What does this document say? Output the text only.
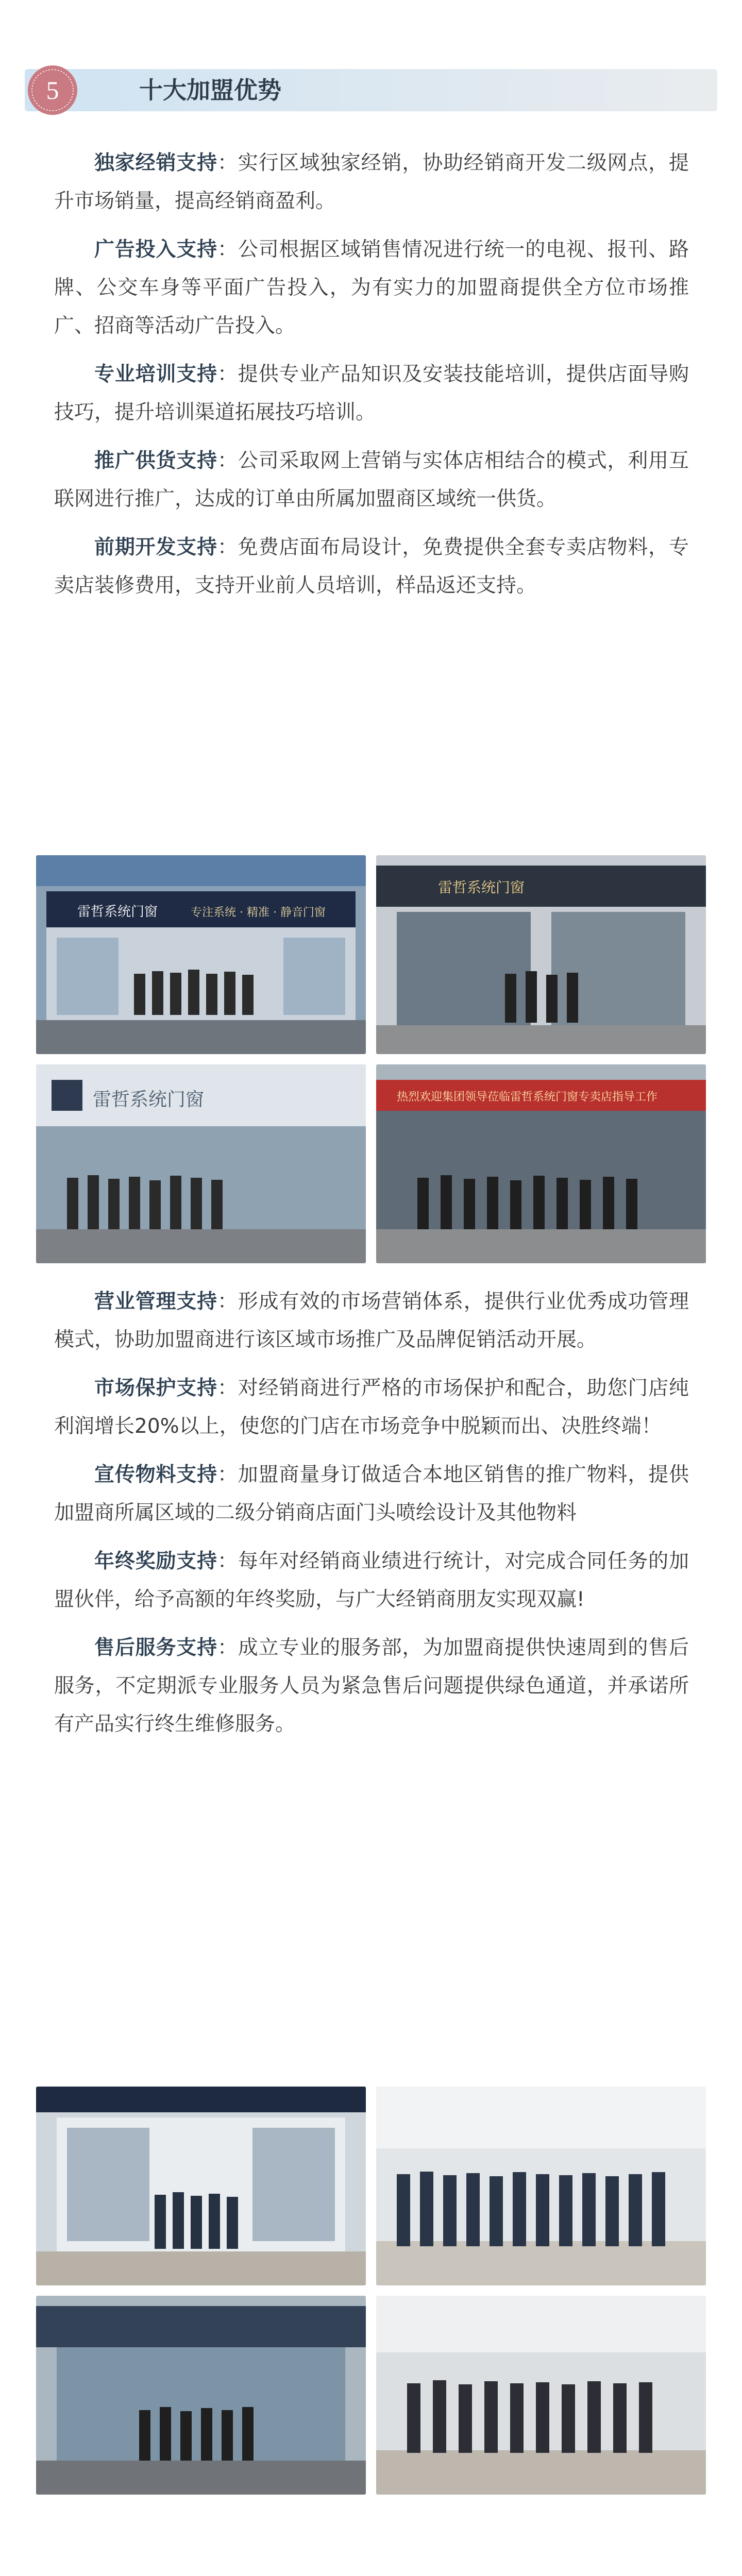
5	十大加盟优势

独家经销支持：实行区域独家经销，协助经销商开发二级网点，提升市场销量，提高经销商盈利。

广告投入支持：公司根据区域销售情况进行统一的电视、报刊、路牌、公交车身等平面广告投入，为有实力的加盟商提供全方位市场推广、招商等活动广告投入。

专业培训支持：提供专业产品知识及安装技能培训，提供店面导购技巧，提升培训渠道拓展技巧培训。

推广供货支持：公司采取网上营销与实体店相结合的模式，利用互联网进行推广，达成的订单由所属加盟商区域统一供货。

前期开发支持：免费店面布局设计，免费提供全套专卖店物料，专卖店装修费用，支持开业前人员培训，样品返还支持。

雷哲系统门窗	专注系统 · 精准 · 静音门窗
雷哲系统门窗
雷哲系统门窗	热烈欢迎集团领导莅临雷哲系统门窗专卖店指导工作

营业管理支持：形成有效的市场营销体系，提供行业优秀成功管理模式，协助加盟商进行该区域市场推广及品牌促销活动开展。

市场保护支持：对经销商进行严格的市场保护和配合，助您门店纯利润增长20%以上，使您的门店在市场竞争中脱颖而出、决胜终端！

宣传物料支持：加盟商量身订做适合本地区销售的推广物料，提供加盟商所属区域的二级分销商店面门头喷绘设计及其他物料

年终奖励支持：每年对经销商业绩进行统计，对完成合同任务的加盟伙伴，给予高额的年终奖励，与广大经销商朋友实现双赢!

售后服务支持：成立专业的服务部，为加盟商提供快速周到的售后服务，不定期派专业服务人员为紧急售后问题提供绿色通道，并承诺所有产品实行终生维修服务。
